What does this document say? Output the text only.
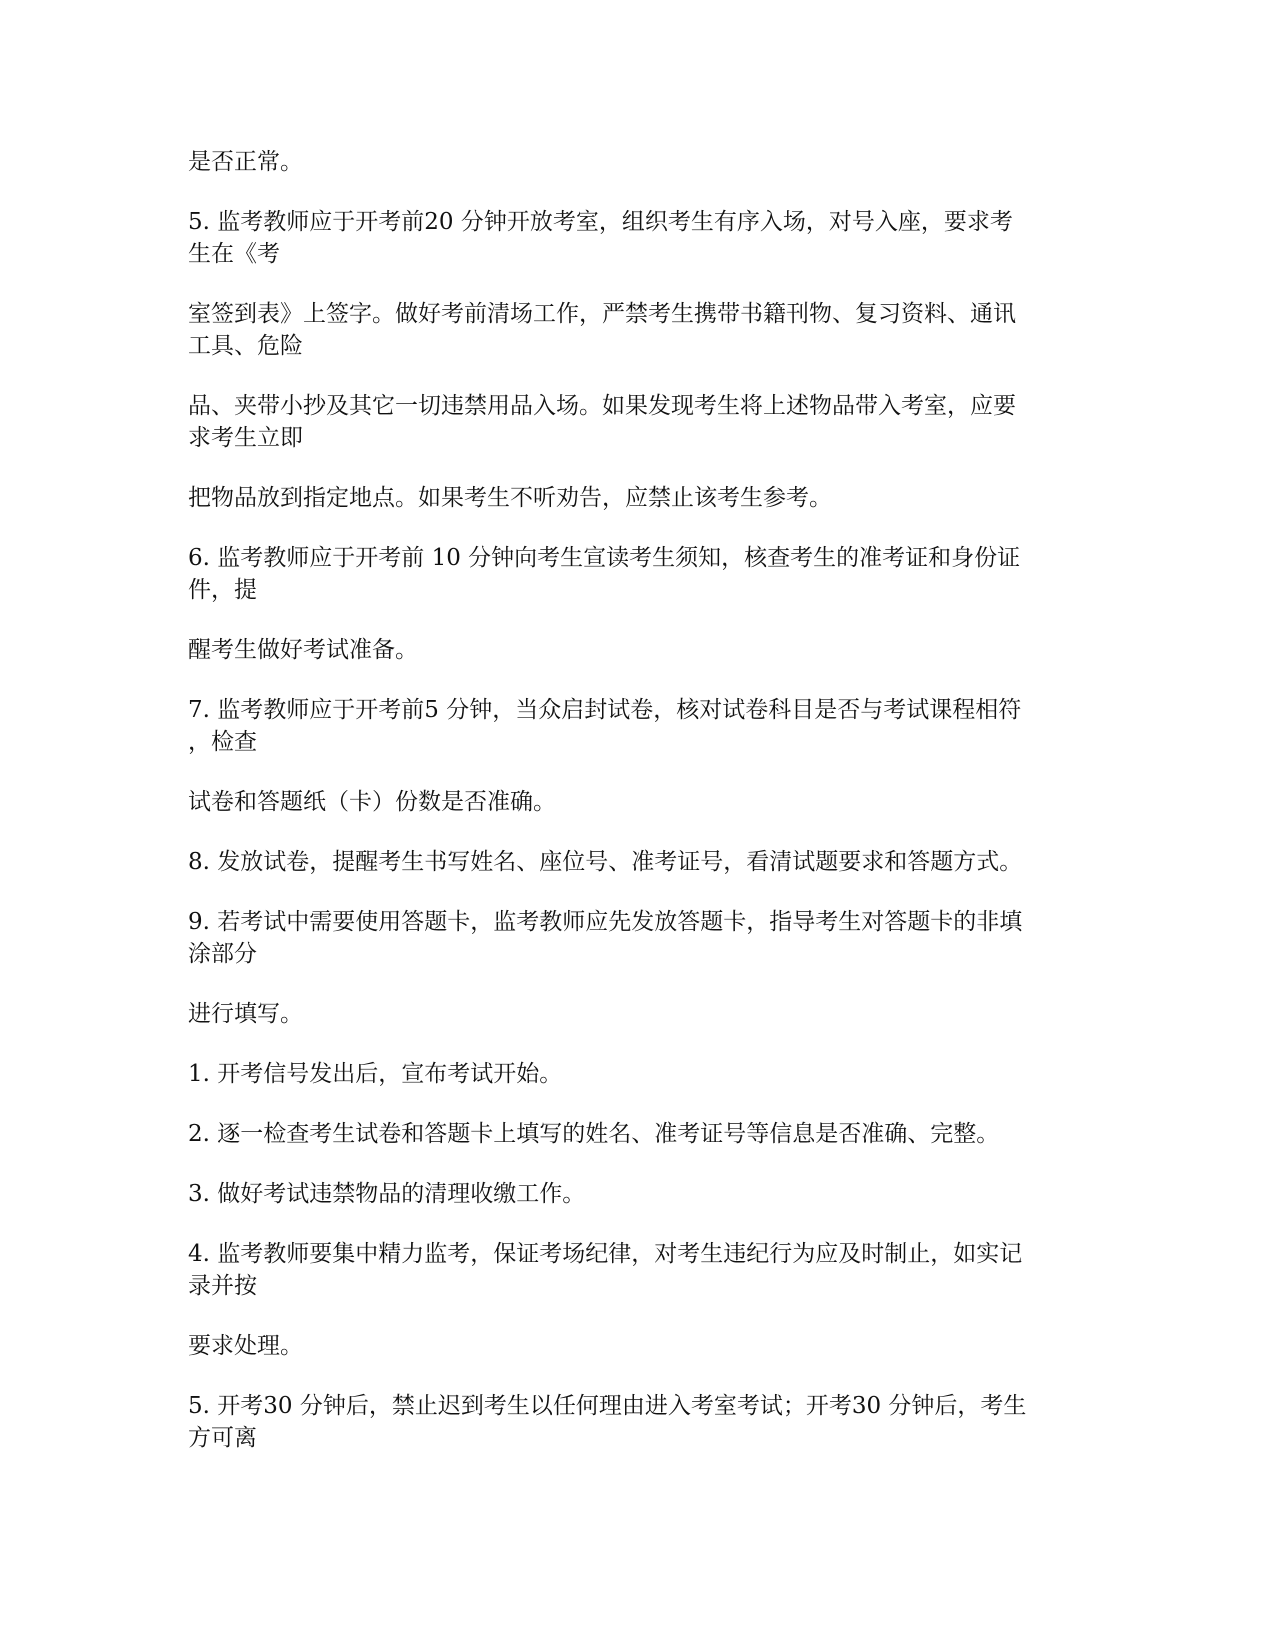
是否正常。

5. 监考教师应于开考前20 分钟开放考室，组织考生有序入场，对号入座，要求考
生在《考

室签到表》上签字。做好考前清场工作，严禁考生携带书籍刊物、复习资料、通讯
工具、危险

品、夹带小抄及其它一切违禁用品入场。如果发现考生将上述物品带入考室，应要
求考生立即

把物品放到指定地点。如果考生不听劝告，应禁止该考生参考。

6. 监考教师应于开考前 10 分钟向考生宣读考生须知，核查考生的准考证和身份证
件，提

醒考生做好考试准备。

7. 监考教师应于开考前5 分钟，当众启封试卷，核对试卷科目是否与考试课程相符
，检查

试卷和答题纸（卡）份数是否准确。

8. 发放试卷，提醒考生书写姓名、座位号、准考证号，看清试题要求和答题方式。

9. 若考试中需要使用答题卡，监考教师应先发放答题卡，指导考生对答题卡的非填
涂部分

进行填写。

1. 开考信号发出后，宣布考试开始。

2. 逐一检查考生试卷和答题卡上填写的姓名、准考证号等信息是否准确、完整。

3. 做好考试违禁物品的清理收缴工作。

4. 监考教师要集中精力监考，保证考场纪律，对考生违纪行为应及时制止，如实记
录并按

要求处理。

5. 开考30 分钟后，禁止迟到考生以任何理由进入考室考试；开考30 分钟后，考生
方可离
